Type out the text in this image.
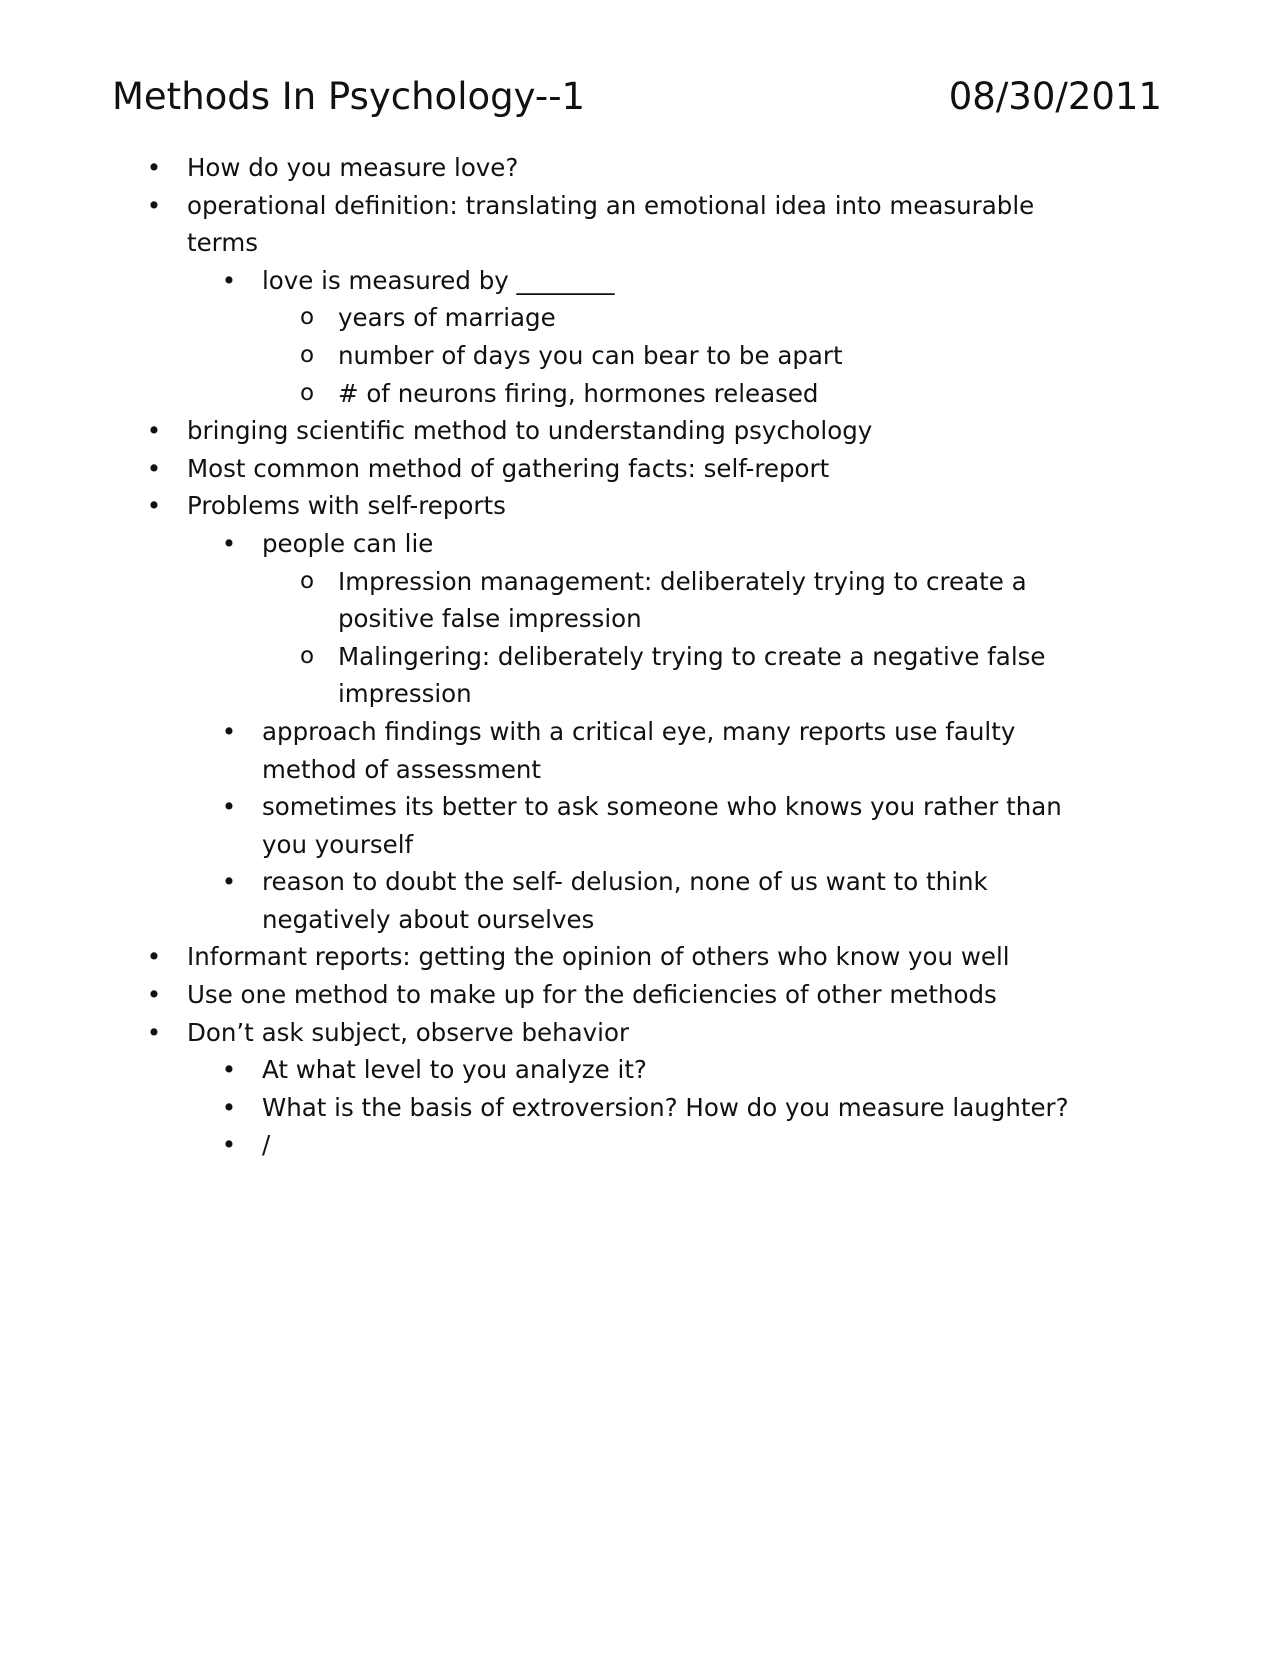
Methods In Psychology--1	08/30/2011
• How do you measure love?
• operational definition: translating an emotional idea into measurable terms
• love is measured by ________
o years of marriage
o number of days you can bear to be apart
o # of neurons firing, hormones released
• bringing scientific method to understanding psychology
• Most common method of gathering facts: self-report
• Problems with self-reports
• people can lie
o Impression management: deliberately trying to create a positive false impression
o Malingering: deliberately trying to create a negative false impression
• approach findings with a critical eye, many reports use faulty method of assessment
• sometimes its better to ask someone who knows you rather than you yourself
• reason to doubt the self- delusion, none of us want to think negatively about ourselves
• Informant reports: getting the opinion of others who know you well
• Use one method to make up for the deficiencies of other methods
• Don’t ask subject, observe behavior
• At what level to you analyze it?
• What is the basis of extroversion? How do you measure laughter?
• /
